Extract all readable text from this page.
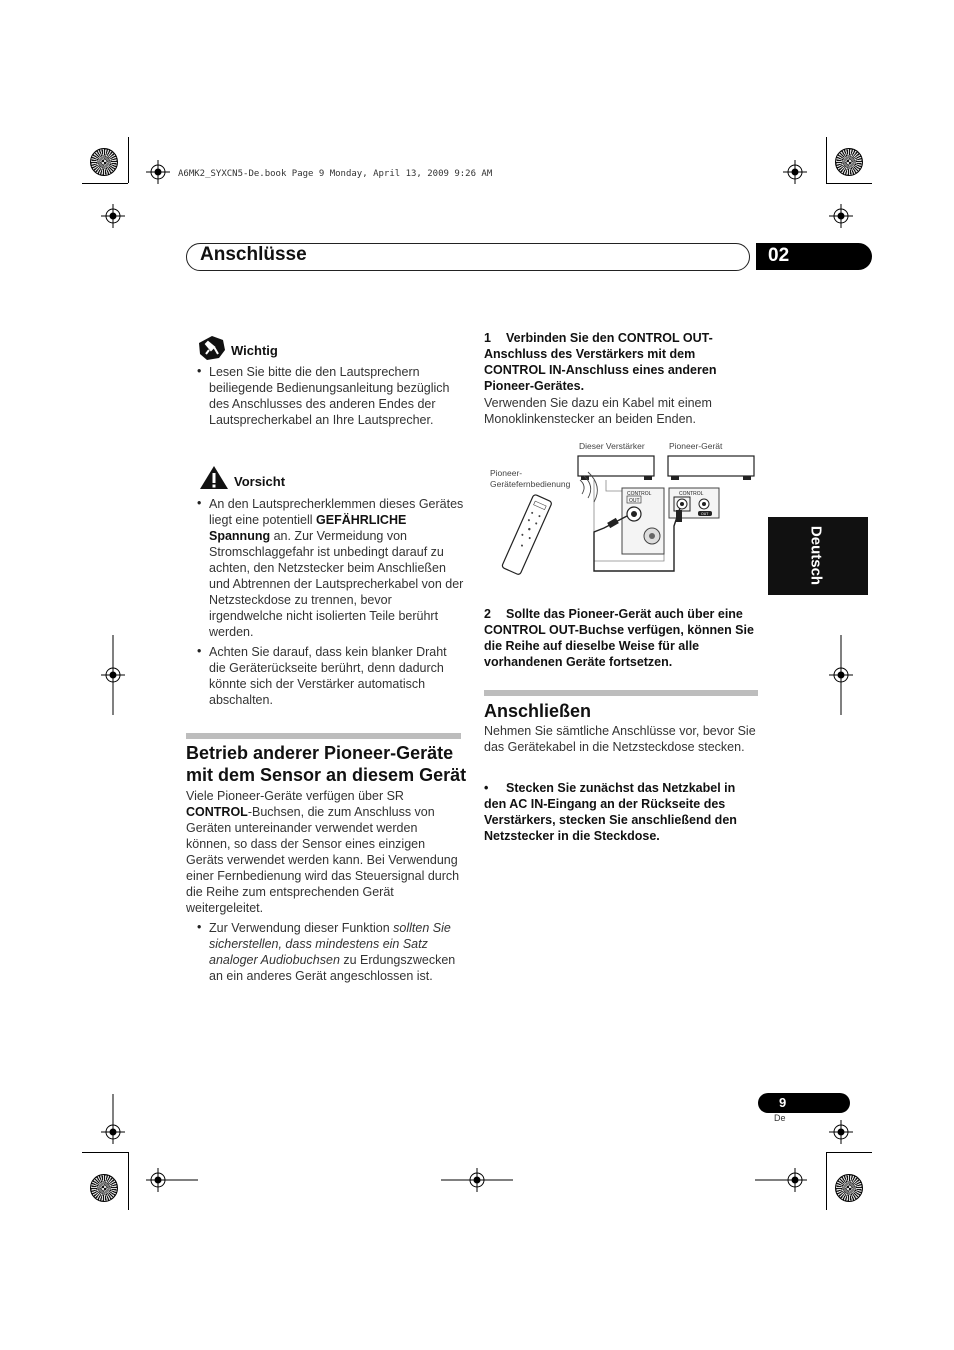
A6MK2_SYXCN5-De.book Page 9 Monday, April 13, 2009 9:26 AM
Anschlüsse	02
Deutsch
Wichtig
• Lesen Sie bitte die den Lautsprechern beiliegende Bedienungsanleitung bezüglich des Anschlusses des anderen Endes der Lautsprecherkabel an Ihre Lautsprecher.
Vorsicht
• An den Lautsprecherklemmen dieses Gerätes liegt eine potentiell GEFÄHRLICHE Spannung an. Zur Vermeidung von Stromschlaggefahr ist unbedingt darauf zu achten, den Netzstecker beim Anschließen und Abtrennen der Lautsprecherkabel von der Netzsteckdose zu trennen, bevor irgendwelche nicht isolierten Teile berührt werden.
• Achten Sie darauf, dass kein blanker Draht die Geräterückseite berührt, denn dadurch könnte sich der Verstärker automatisch abschalten.
Betrieb anderer Pioneer-Geräte mit dem Sensor an diesem Gerät
Viele Pioneer-Geräte verfügen über SR CONTROL-Buchsen, die zum Anschluss von Geräten untereinander verwendet werden können, so dass der Sensor eines einzigen Geräts verwendet werden kann. Bei Verwendung einer Fernbedienung wird das Steuersignal durch die Reihe zum entsprechenden Gerät weitergeleitet.
• Zur Verwendung dieser Funktion sollten Sie sicherstellen, dass mindestens ein Satz analoger Audiobuchsen zu Erdungszwecken an ein anderes Gerät angeschlossen ist.
1	Verbinden Sie den CONTROL OUT-Anschluss des Verstärkers mit dem CONTROL IN-Anschluss eines anderen Pioneer-Gerätes.
Verwenden Sie dazu ein Kabel mit einem Monoklinkenstecker an beiden Enden.
Dieser Verstärker	Pioneer-Gerät
Pioneer-
Gerätefernbedienung
CONTROL
OUT
CONTROL
OUT
2	Sollte das Pioneer-Gerät auch über eine CONTROL OUT-Buchse verfügen, können Sie die Reihe auf dieselbe Weise für alle vorhandenen Geräte fortsetzen.
Anschließen
Nehmen Sie sämtliche Anschlüsse vor, bevor Sie das Gerätekabel in die Netzsteckdose stecken.
•	Stecken Sie zunächst das Netzkabel in den AC IN-Eingang an der Rückseite des Verstärkers, stecken Sie anschließend den Netzstecker in die Steckdose.
9
De
